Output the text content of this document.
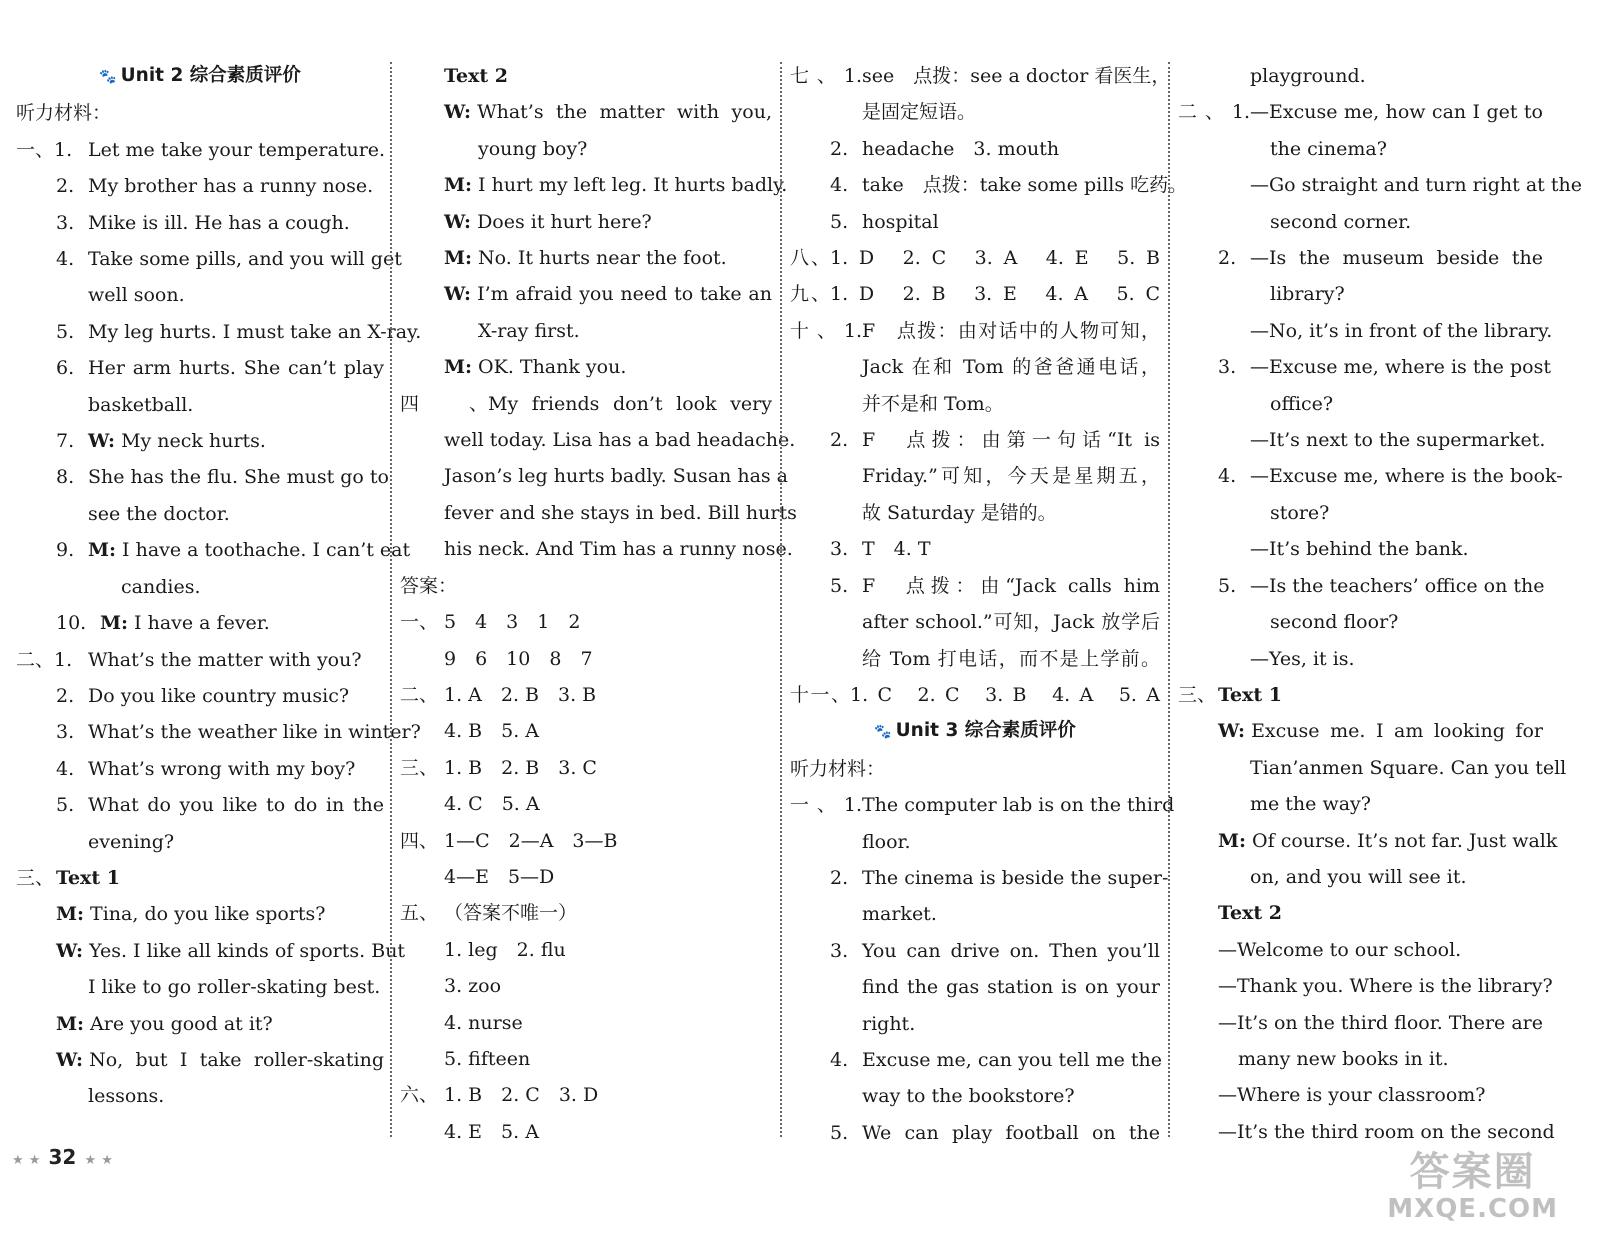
🐾 Unit 2 综合素质评价
听力材料：
一、1. Let me take your temperature.
2. My brother has a runny nose.
3. Mike is ill. He has a cough.
4. Take some pills, and you will get
well soon.
5. My leg hurts. I must take an X-ray.
6. Her arm hurts. She can’t play
basketball.
7. W: My neck hurts.
8. She has the flu. She must go to
see the doctor.
9. M: I have a toothache. I can’t eat
candies.
10. M: I have a fever.
二、1. What’s the matter with you?
2. Do you like country music?
3. What’s the weather like in winter?
4. What’s wrong with my boy?
5. What do you like to do in the
evening?
三、 Text 1
M: Tina, do you like sports?
W: Yes. I like all kinds of sports. But
I like to go roller-skating best.
M: Are you good at it?
W: No, but I take roller-skating
lessons.
Text 2
W: What’s the matter with you,
young boy?
M: I hurt my left leg. It hurts badly.
W: Does it hurt here?
M: No. It hurts near the foot.
W: I’m afraid you need to take an
X-ray first.
M: OK. Thank you.
四、My friends don’t look very
well today. Lisa has a bad headache.
Jason’s leg hurts badly. Susan has a
fever and she stays in bed. Bill hurts
his neck. And Tim has a runny nose.
答案：
一、 5　4　3　1　2
9　6　10　8　7
二、 1. A　2. B　3. B
4. B　5. A
三、 1. B　2. B　3. C
4. C　5. A
四、 1—C　2—A　3—B
4—E　5—D
五、 （答案不唯一）
1. leg　2. flu
3. zoo
4. nurse
5. fifteen
六、 1. B　2. C　3. D
4. E　5. A
七、1.see　点拨：see a doctor 看医生，
是固定短语。
2. headache　3. mouth
4. take　点拨：take some pills 吃药。
5. hospital
八、1. D　2. C　3. A　4. E　5. B
九、1. D　2. B　3. E　4. A　5. C
十、1.F　点拨：由对话中的人物可知，
Jack 在和 Tom 的爸爸通电话，
并不是和 Tom。
2. F　点拨：由第一句话“It is
Friday.”可知，今天是星期五，
故 Saturday 是错的。
3. T　4. T
5. F　点拨：由“Jack calls him
after school.”可知，Jack 放学后
给 Tom 打电话，而不是上学前。
十一、1. C　2. C　3. B　4. A　5. A
🐾 Unit 3 综合素质评价
听力材料：
一、1.The computer lab is on the third
floor.
2. The cinema is beside the super-
market.
3. You can drive on. Then you’ll
find the gas station is on your
right.
4. Excuse me, can you tell me the
way to the bookstore?
5. We can play football on the
playground.
二、1.—Excuse me, how can I get to
the cinema?
—Go straight and turn right at the
second corner.
2. —Is the museum beside the
library?
—No, it’s in front of the library.
3. —Excuse me, where is the post
office?
—It’s next to the supermarket.
4. —Excuse me, where is the book-
store?
—It’s behind the bank.
5. —Is the teachers’ office on the
second floor?
—Yes, it is.
三、 Text 1
W: Excuse me. I am looking for
Tian’anmen Square. Can you tell
me the way?
M: Of course. It’s not far. Just walk
on, and you will see it.
Text 2
—Welcome to our school.
—Thank you. Where is the library?
—It’s on the third floor. There are
many new books in it.
—Where is your classroom?
—It’s the third room on the second
★ ★ 32 ★ ★	答案圈
MXQE.COM
